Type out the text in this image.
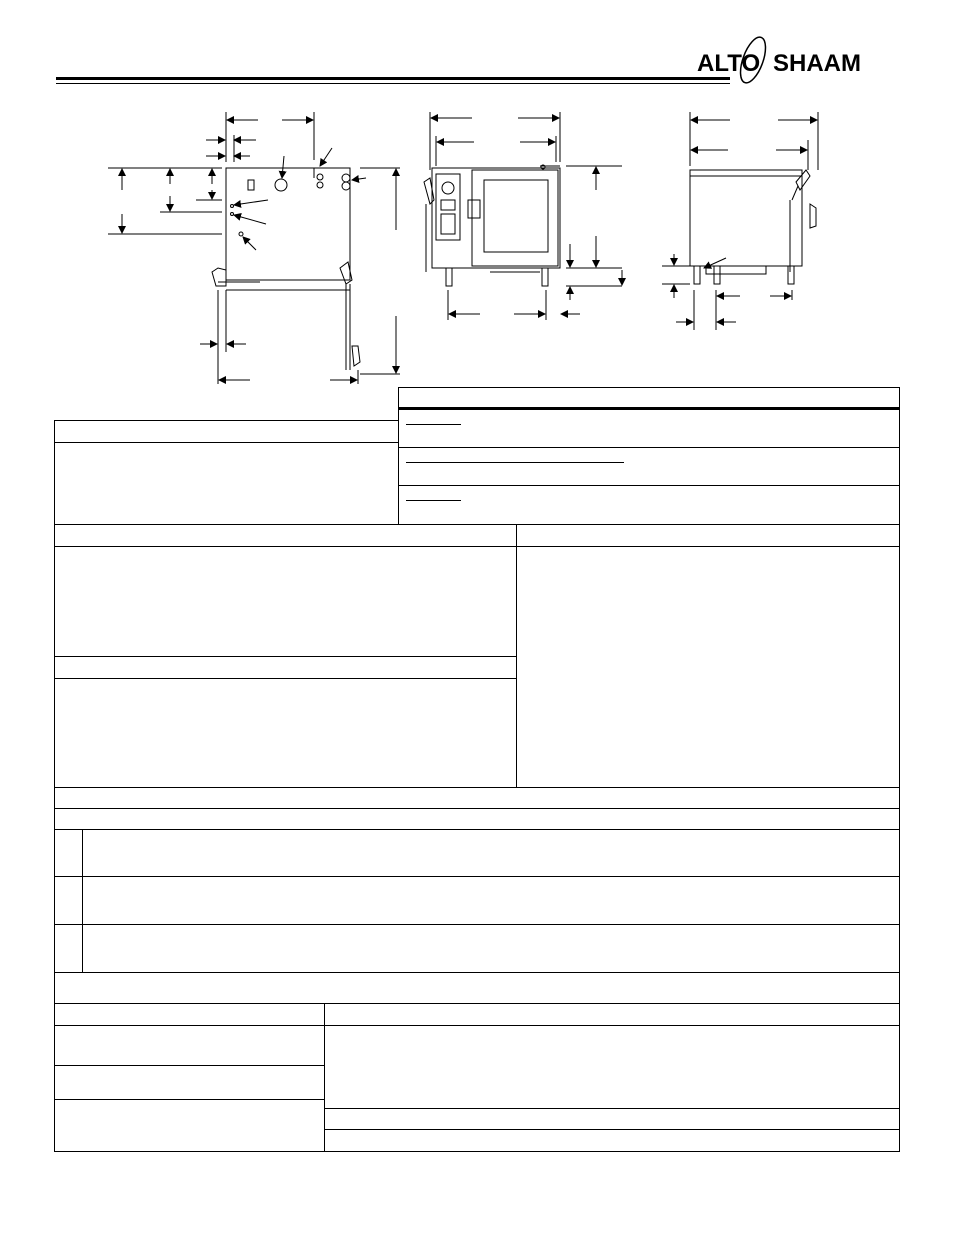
ALTO SHAAM
